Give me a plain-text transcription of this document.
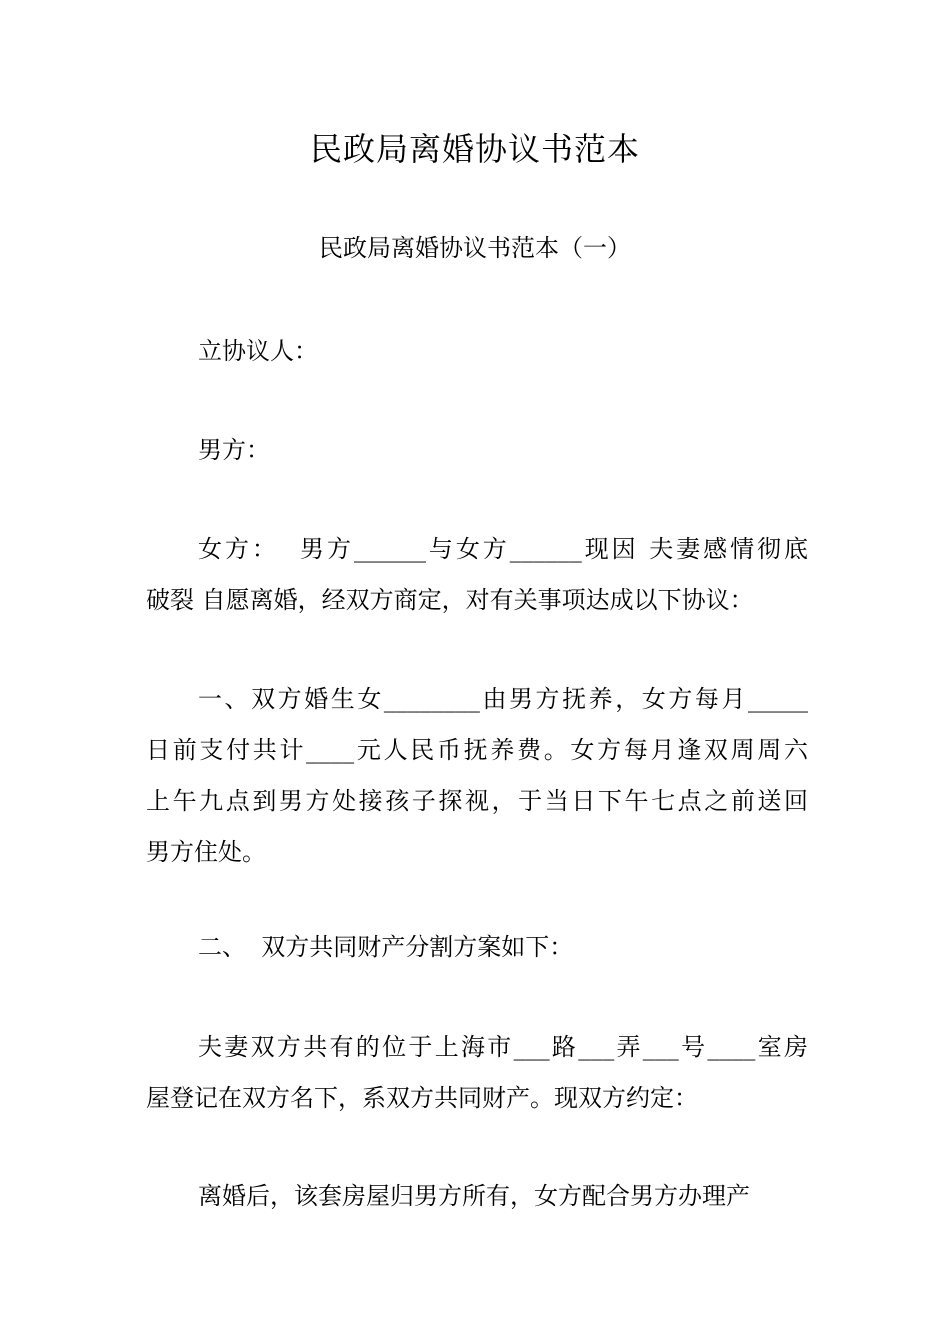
民政局离婚协议书范本
民政局离婚协议书范本（一）

立协议人：

男方：

女方：  男方______与女方______现因 夫妻感情彻底
破裂 自愿离婚，经双方商定，对有关事项达成以下协议：

一、双方婚生女________由男方抚养，女方每月_____
日前支付共计____元人民币抚养费。女方每月逢双周周六
上午九点到男方处接孩子探视，于当日下午七点之前送回
男方住处。

二、  双方共同财产分割方案如下：

夫妻双方共有的位于上海市___路___弄___号____室房
屋登记在双方名下，系双方共同财产。现双方约定：

离婚后，该套房屋归男方所有，女方配合男方办理产
